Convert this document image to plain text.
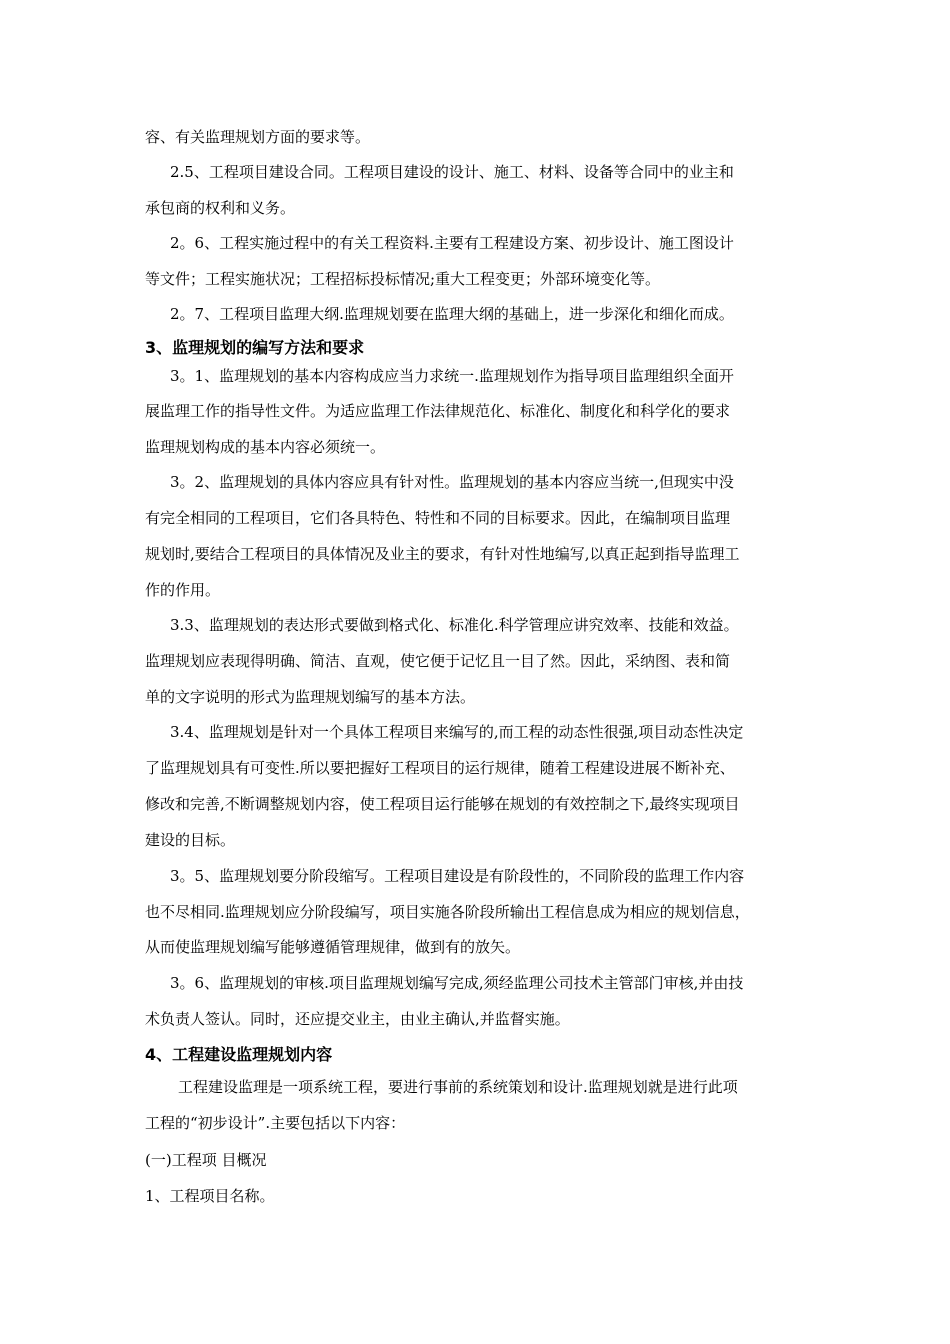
容、有关监理规划方面的要求等。
2.5、工程项目建设合同。工程项目建设的设计、施工、材料、设备等合同中的业主和
承包商的权利和义务。
2。6、工程实施过程中的有关工程资料.主要有工程建设方案、初步设计、施工图设计
等文件；工程实施状况；工程招标投标情况;重大工程变更；外部环境变化等。
2。7、工程项目监理大纲.监理规划要在监理大纲的基础上，进一步深化和细化而成。
3、监理规划的编写方法和要求
3。1、监理规划的基本内容构成应当力求统一.监理规划作为指导项目监理组织全面开
展监理工作的指导性文件。为适应监理工作法律规范化、标准化、制度化和科学化的要求
监理规划构成的基本内容必须统一。
3。2、监理规划的具体内容应具有针对性。监理规划的基本内容应当统一,但现实中没
有完全相同的工程项目，它们各具特色、特性和不同的目标要求。因此，在编制项目监理
规划时,要结合工程项目的具体情况及业主的要求，有针对性地编写,以真正起到指导监理工
作的作用。
3.3、监理规划的表达形式要做到格式化、标准化.科学管理应讲究效率、技能和效益。
监理规划应表现得明确、简洁、直观，使它便于记忆且一目了然。因此，采纳图、表和简
单的文字说明的形式为监理规划编写的基本方法。
3.4、监理规划是针对一个具体工程项目来编写的,而工程的动态性很强,项目动态性决定
了监理规划具有可变性.所以要把握好工程项目的运行规律，随着工程建设进展不断补充、
修改和完善,不断调整规划内容，使工程项目运行能够在规划的有效控制之下,最终实现项目
建设的目标。
3。5、监理规划要分阶段缩写。工程项目建设是有阶段性的，不同阶段的监理工作内容
也不尽相同.监理规划应分阶段编写，项目实施各阶段所输出工程信息成为相应的规划信息，
从而使监理规划编写能够遵循管理规律，做到有的放矢。
3。6、监理规划的审核.项目监理规划编写完成,须经监理公司技术主管部门审核,并由技
术负责人签认。同时，还应提交业主，由业主确认,并监督实施。
4、工程建设监理规划内容
工程建设监理是一项系统工程，要进行事前的系统策划和设计.监理规划就是进行此项
工程的“初步设计”.主要包括以下内容：
(一)工程项 目概况
1、工程项目名称。
